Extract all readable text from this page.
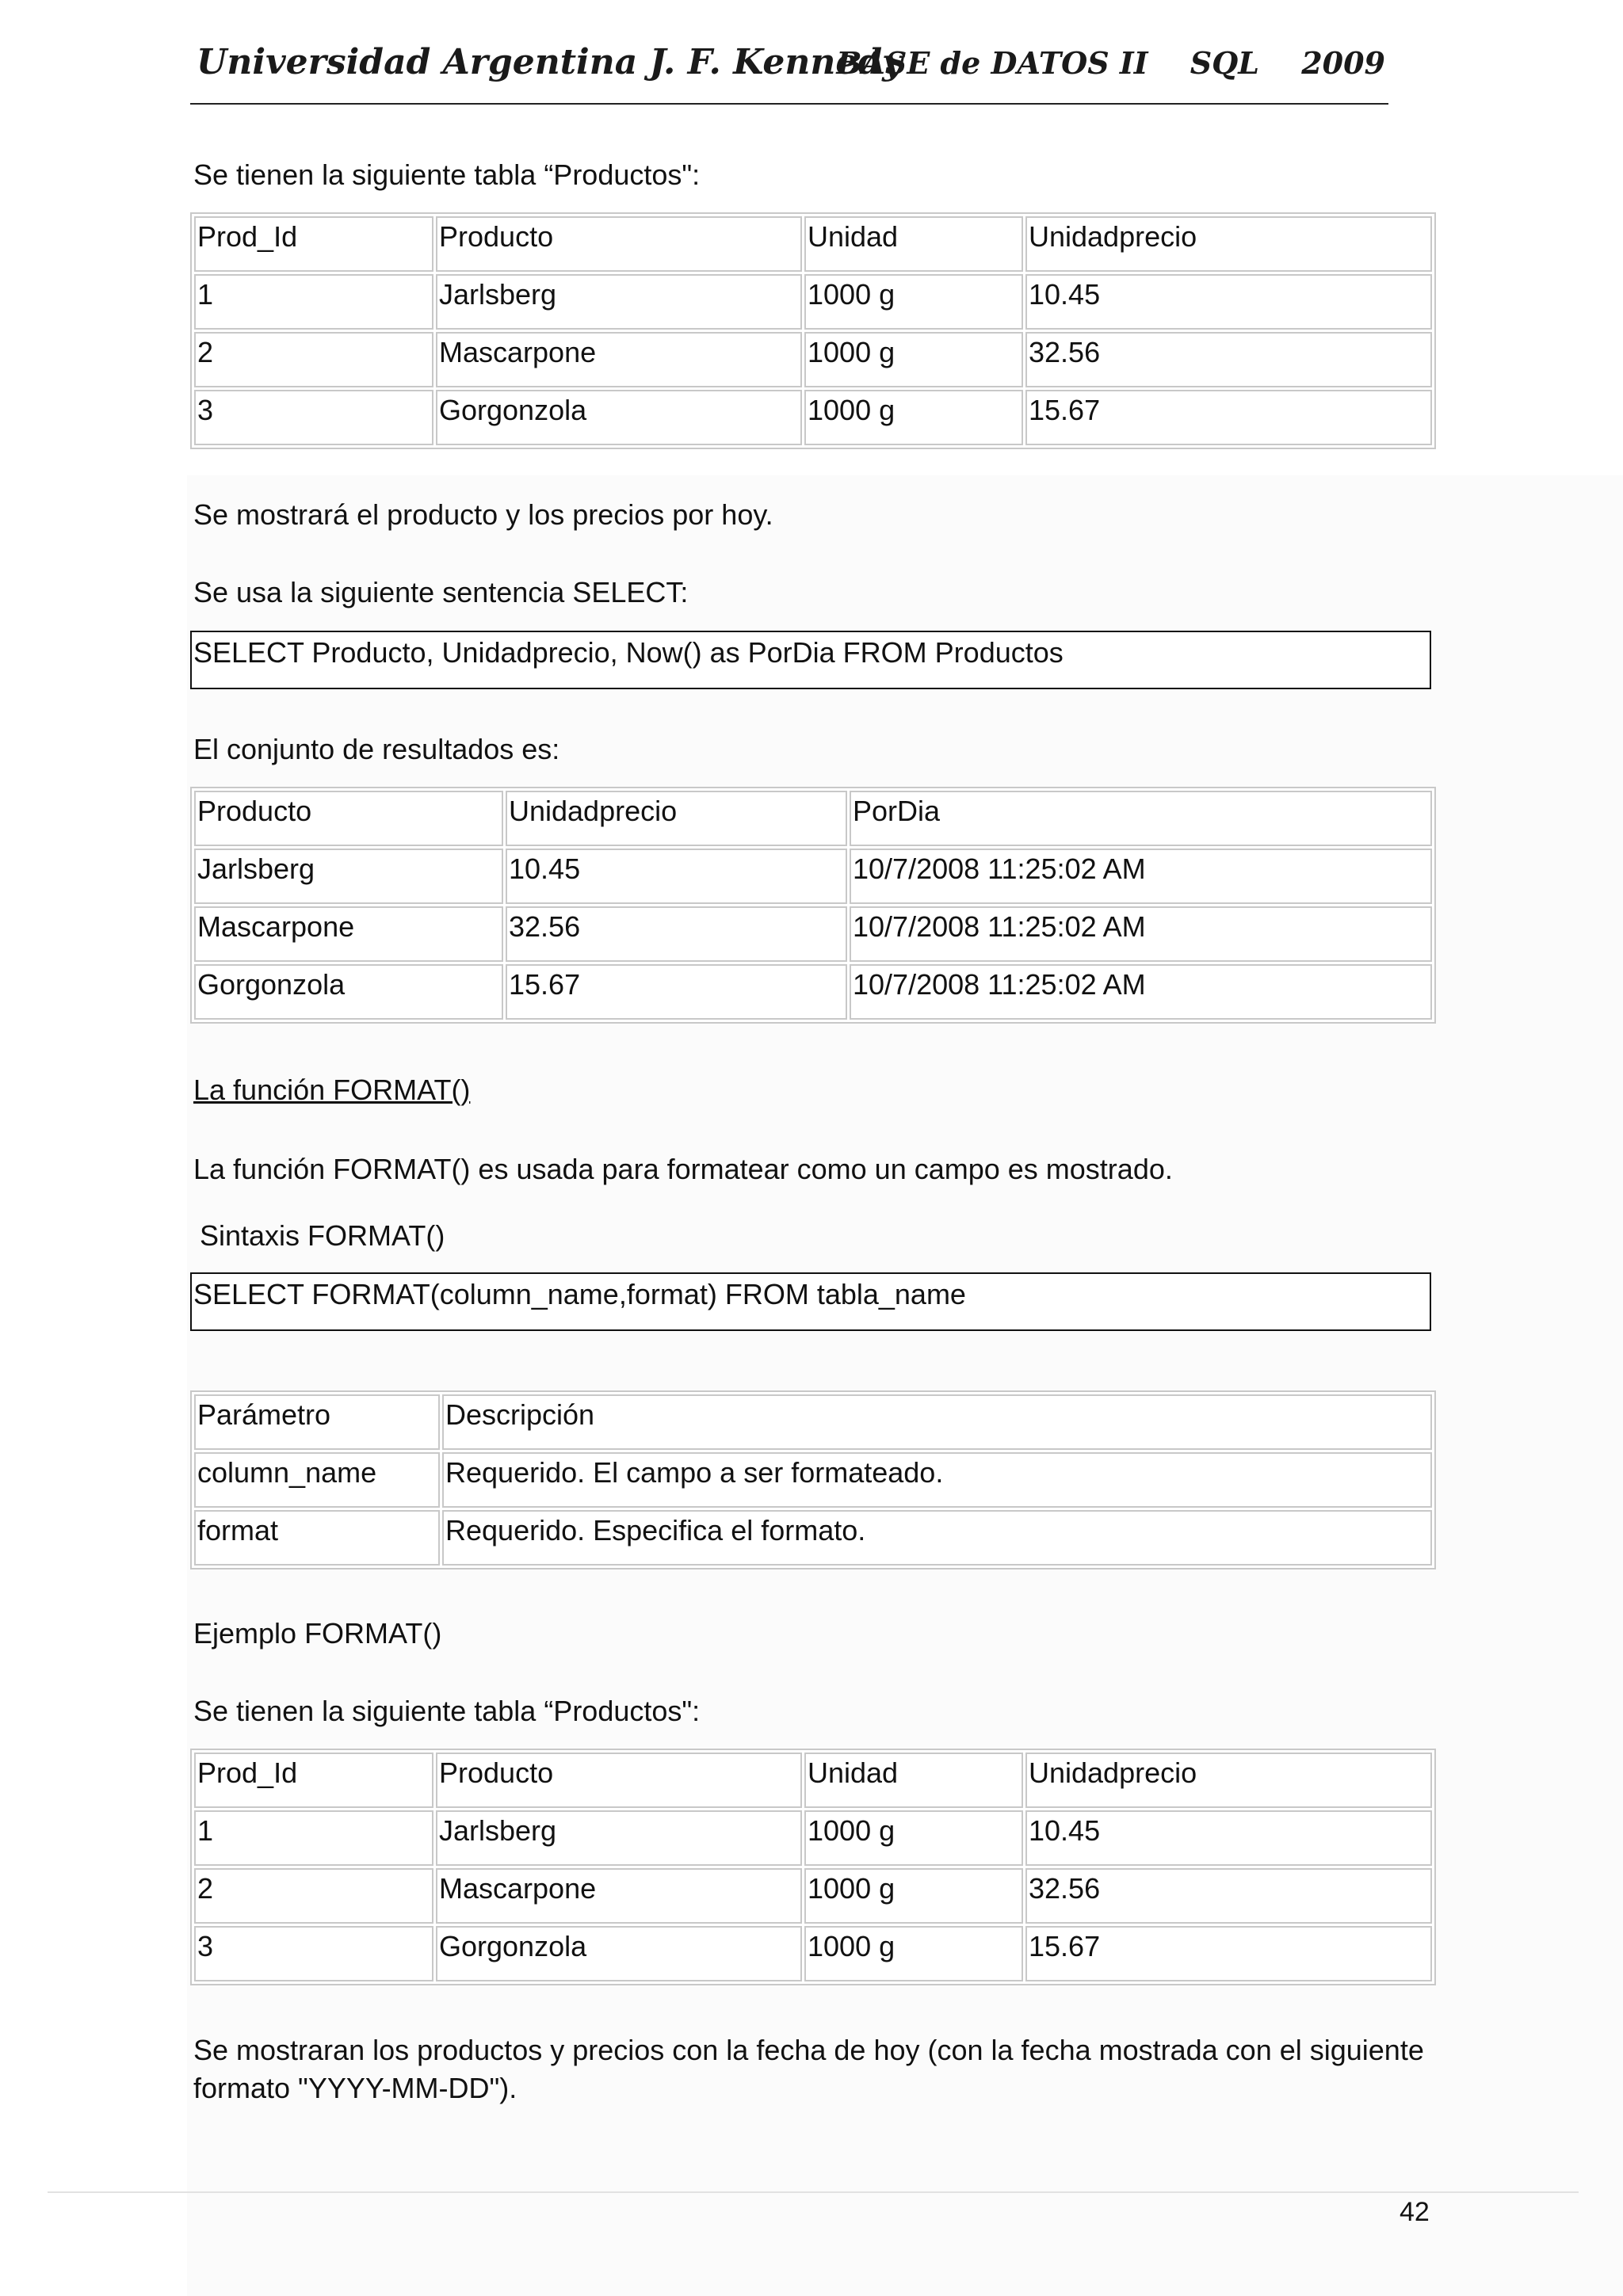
Universidad Argentina J. F. Kennedy
BASE de DATOS II SQL 2009
Se tienen la siguiente tabla “Productos":
Prod_Id	Producto	Unidad	Unidadprecio
1	Jarlsberg	1000 g	10.45
2	Mascarpone	1000 g	32.56
3	Gorgonzola	1000 g	15.67
Se mostrará el producto y los precios por hoy.
Se usa la siguiente sentencia SELECT:
SELECT Producto, Unidadprecio, Now() as PorDia FROM Productos
El conjunto de resultados es:
Producto	Unidadprecio	PorDia
Jarlsberg	10.45	10/7/2008 11:25:02 AM
Mascarpone	32.56	10/7/2008 11:25:02 AM
Gorgonzola	15.67	10/7/2008 11:25:02 AM
La función FORMAT()
La función FORMAT() es usada para formatear como un campo es mostrado.
Sintaxis FORMAT()
SELECT FORMAT(column_name,format) FROM tabla_name
Parámetro	Descripción
column_name	Requerido. El campo a ser formateado.
format	Requerido. Especifica el formato.
Ejemplo FORMAT()
Se tienen la siguiente tabla “Productos":
Prod_Id	Producto	Unidad	Unidadprecio
1	Jarlsberg	1000 g	10.45
2	Mascarpone	1000 g	32.56
3	Gorgonzola	1000 g	15.67
Se mostraran los productos y precios con la fecha de hoy (con la fecha mostrada con el siguiente formato "YYYY-MM-DD").
42
